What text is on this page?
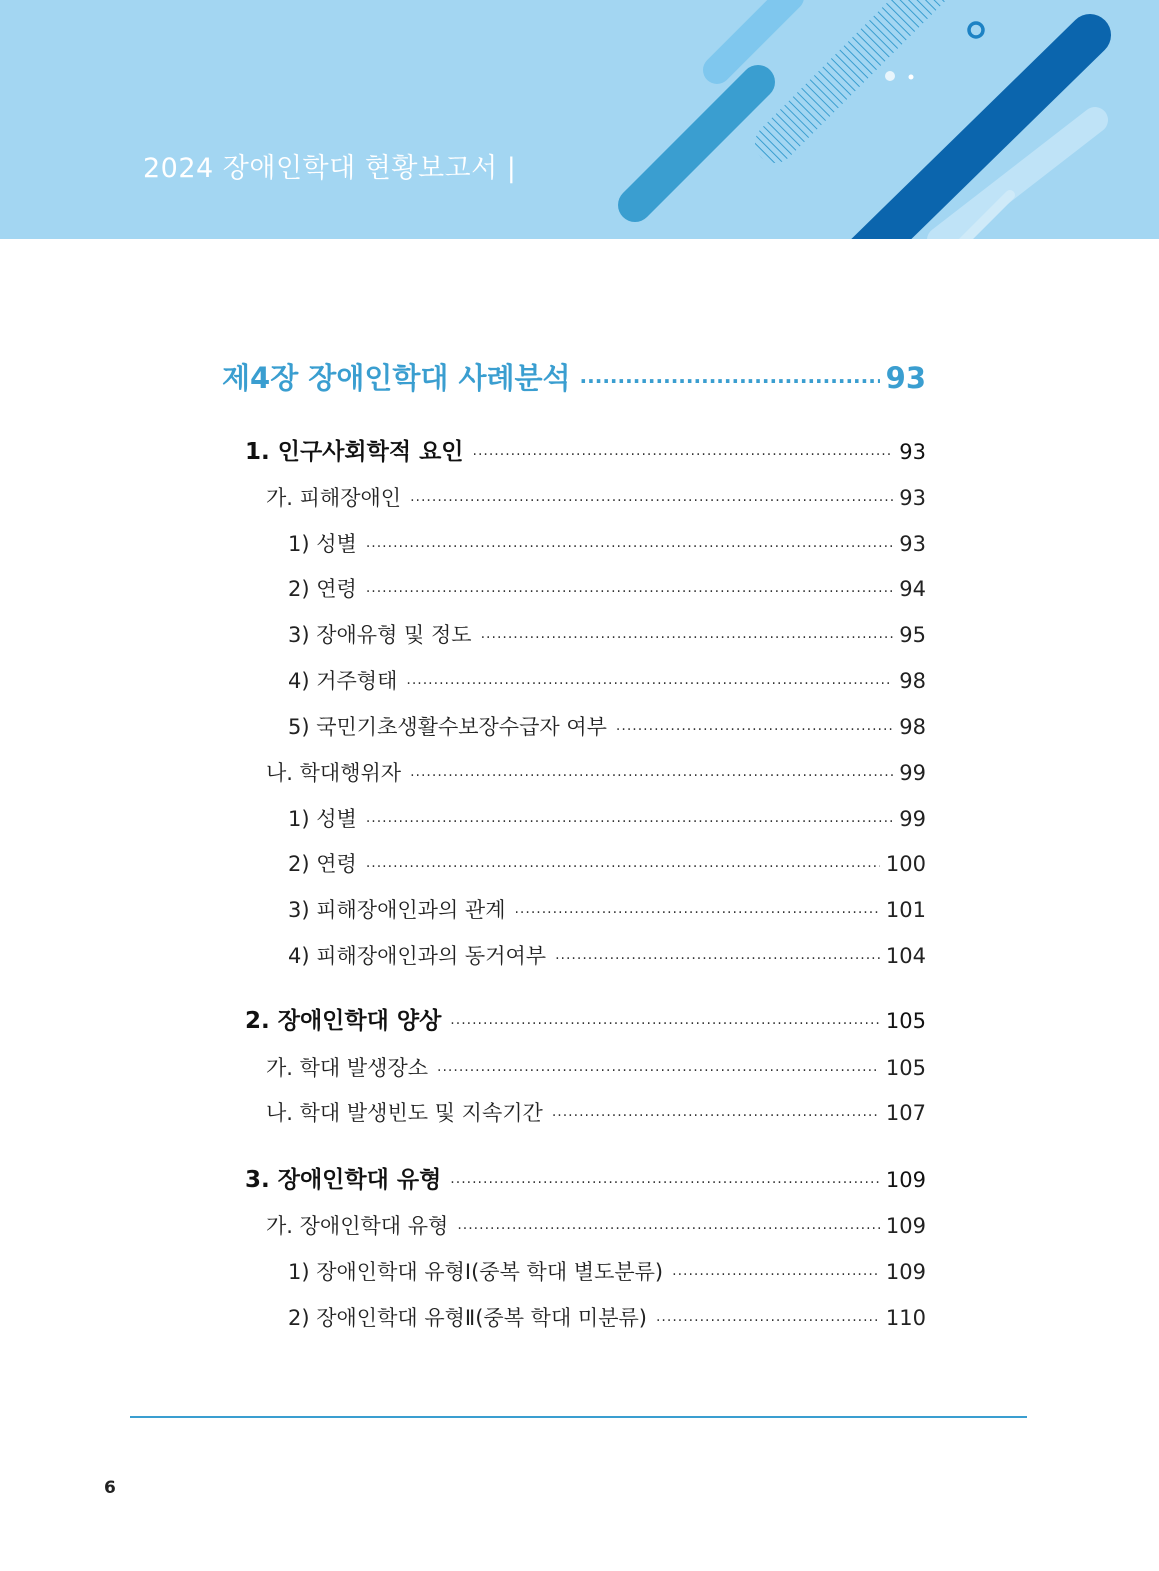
2024 장애인학대 현황보고서 |
제4장 장애인학대 사례분석 ·····	93
1. 인구사회학적 요인 ·····	93
가. 피해장애인 ·····	93
1) 성별 ·····	93
2) 연령 ·····	94
3) 장애유형 및 정도 ·····	95
4) 거주형태 ·····	98
5) 국민기초생활수보장수급자 여부 ·····	98
나. 학대행위자 ·····	99
1) 성별 ·····	99
2) 연령 ·····	100
3) 피해장애인과의 관계 ·····	101
4) 피해장애인과의 동거여부 ·····	104
2. 장애인학대 양상 ·····	105
가. 학대 발생장소 ·····	105
나. 학대 발생빈도 및 지속기간 ·····	107
3. 장애인학대 유형 ·····	109
가. 장애인학대 유형 ·····	109
1) 장애인학대 유형Ⅰ(중복 학대 별도분류) ·····	109
2) 장애인학대 유형Ⅱ(중복 학대 미분류) ·····	110
6
